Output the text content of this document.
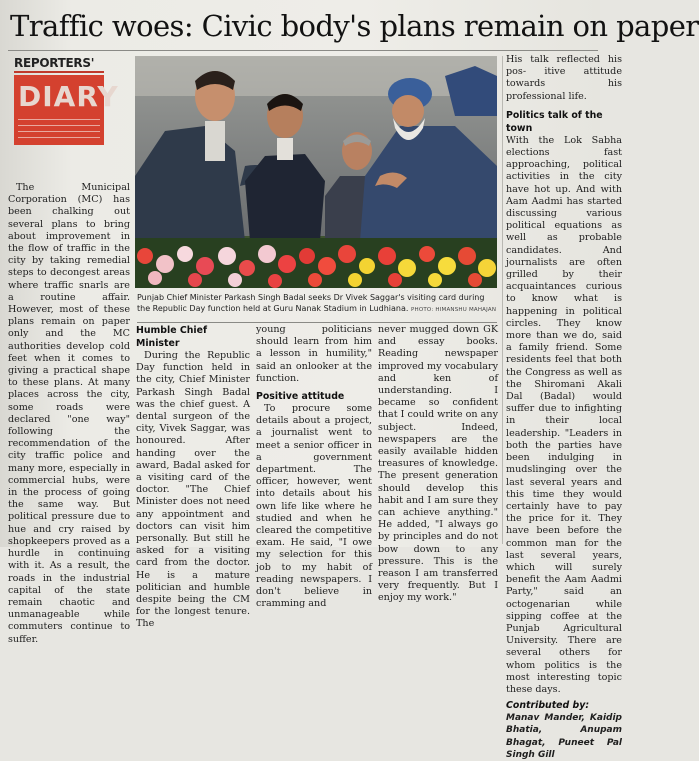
Traffic woes: Civic body's plans remain on paper
REPORTERS'
DIARY

The Municipal Corporation (MC) has been chalking out several plans to bring about improvement in the flow of traffic in the city by taking remedial steps to decongest areas where traffic snarls are a routine affair. However, most of these plans remain on paper only and the MC authorities develop cold feet when it comes to giving a practical shape to these plans. At many places across the city, some roads were declared "one way" following the recommendation of the city traffic police and many more, especially in commercial hubs, were in the process of going the same way. But political pressure due to hue and cry raised by shopkeepers proved as a hurdle in continuing with it. As a result, the roads in the industrial capital of the state remain chaotic and unmanageable while commuters continue to suffer.

Punjab Chief Minister Parkash Singh Badal seeks Dr Vivek Saggar's visiting card during the Republic Day function held at Guru Nanak Stadium in Ludhiana. PHOTO: HIMANSHU MAHAJAN
Humble Chief Minister

During the Republic Day function held in the city, Chief Minister Parkash Singh Badal was the chief guest. A dental surgeon of the city, Vivek Saggar, was honoured. After handing over the award, Badal asked for a visiting card of the doctor. "The Chief Minister does not need any appointment and doctors can visit him personally. But still he asked for a visiting card from the doctor. He is a mature politician and humble despite being the CM for the longest tenure. The

young politicians should learn from him a lesson in humility," said an onlooker at the function.

Positive attitude

To procure some details about a project, a journalist went to meet a senior officer in a government department. The officer, however, went into details about his own life like where he studied and when he cleared the competitive exam. He said, "I owe my selection for this job to my habit of reading newspapers. I don't believe in cramming and

never mugged down GK and essay books. Reading newspaper improved my vocabulary and ken of understanding. I became so confident that I could write on any subject. Indeed, newspapers are the easily available hidden treasures of knowledge. The present generation should develop this habit and I am sure they can achieve anything." He added, "I always go by principles and do not bow down to any pressure. This is the reason I am transferred very frequently. But I enjoy my work."

His talk reflected his pos- itive attitude towards his professional life.

Politics talk of the town

With the Lok Sabha elections fast approaching, political activities in the city have hot up. And with Aam Aadmi has started discussing various political equations as well as probable candidates. And journalists are often grilled by their acquaintances curious to know what is happening in political circles. They know more than we do, said a family friend. Some residents feel that both the Congress as well as the Shiromani Akali Dal (Badal) would suffer due to infighting in their local leadership. "Leaders in both the parties have been indulging in mudslinging over the last several years and this time they would certainly have to pay the price for it. They have been before the common man for the last several years, which will surely benefit the Aam Aadmi Party," said an octogenarian while sipping coffee at the Punjab Agricultural University. There are several others for whom politics is the most interesting topic these days.

Contributed by:

Manav Mander, Kaidip Bhatia, Anupam Bhagat, Puneet Pal Singh Gill
